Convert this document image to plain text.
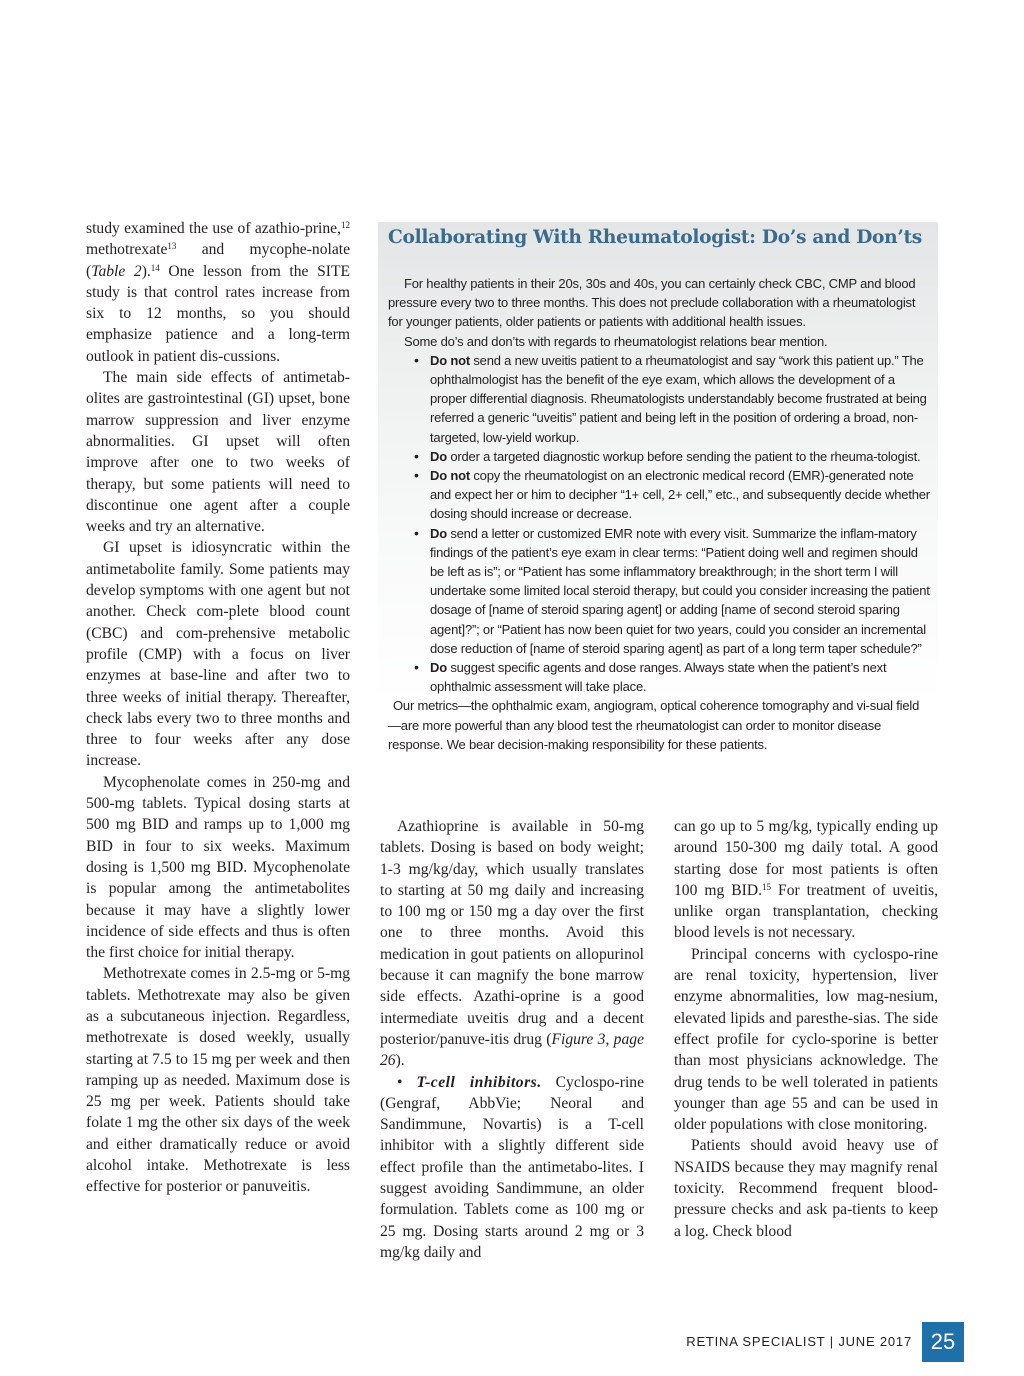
study examined the use of azathio-prine,$^{12}$ methotrexate$^{13}$ and mycophe-nolate (Table 2).$^{14}$ One lesson from the SITE study is that control rates increase from six to 12 months, so you should emphasize patience and a long-term outlook in patient dis-cussions.

The main side effects of antimetab-olites are gastrointestinal (GI) upset, bone marrow suppression and liver enzyme abnormalities. GI upset will often improve after one to two weeks of therapy, but some patients will need to discontinue one agent after a couple weeks and try an alternative.

GI upset is idiosyncratic within the antimetabolite family. Some patients may develop symptoms with one agent but not another. Check com-plete blood count (CBC) and com-prehensive metabolic profile (CMP) with a focus on liver enzymes at base-line and after two to three weeks of initial therapy. Thereafter, check labs every two to three months and three to four weeks after any dose increase.

Mycophenolate comes in 250-mg and 500-mg tablets. Typical dosing starts at 500 mg BID and ramps up to 1,000 mg BID in four to six weeks. Maximum dosing is 1,500 mg BID. Mycophenolate is popular among the antimetabolites because it may have a slightly lower incidence of side effects and thus is often the first choice for initial therapy.

Methotrexate comes in 2.5-mg or 5-mg tablets. Methotrexate may also be given as a subcutaneous injection. Regardless, methotrexate is dosed weekly, usually starting at 7.5 to 15 mg per week and then ramping up as needed. Maximum dose is 25 mg per week. Patients should take folate 1 mg the other six days of the week and either dramatically reduce or avoid alcohol intake. Methotrexate is less effective for posterior or panuveitis.

Collaborating With Rheumatologist: Do’s and Don’ts

For healthy patients in their 20s, 30s and 40s, you can certainly check CBC, CMP and blood pressure every two to three months. This does not preclude collaboration with a rheumatologist for younger patients, older patients or patients with additional health issues.

Some do’s and don’ts with regards to rheumatologist relations bear mention.

• Do not send a new uveitis patient to a rheumatologist and say “work this patient up.” The ophthalmologist has the benefit of the eye exam, which allows the development of a proper differential diagnosis. Rheumatologists understandably become frustrated at being referred a generic “uveitis” patient and being left in the position of ordering a broad, non-targeted, low-yield workup.
• Do order a targeted diagnostic workup before sending the patient to the rheuma-tologist.
• Do not copy the rheumatologist on an electronic medical record (EMR)-generated note and expect her or him to decipher “1+ cell, 2+ cell,” etc., and subsequently decide whether dosing should increase or decrease.
• Do send a letter or customized EMR note with every visit. Summarize the inflam-matory findings of the patient’s eye exam in clear terms: “Patient doing well and regimen should be left as is”; or “Patient has some inflammatory breakthrough; in the short term I will undertake some limited local steroid therapy, but could you consider increasing the patient dosage of [name of steroid sparing agent] or adding [name of second steroid sparing agent]?”; or “Patient has now been quiet for two years, could you consider an incremental dose reduction of [name of steroid sparing agent] as part of a long term taper schedule?”
• Do suggest specific agents and dose ranges. Always state when the patient’s next ophthalmic assessment will take place.

Our metrics—the ophthalmic exam, angiogram, optical coherence tomography and vi-sual field—are more powerful than any blood test the rheumatologist can order to monitor disease response. We bear decision-making responsibility for these patients.

Azathioprine is available in 50-mg tablets. Dosing is based on body weight; 1-3 mg/kg/day, which usually translates to starting at 50 mg daily and increasing to 100 mg or 150 mg a day over the first one to three months. Avoid this medication in gout patients on allopurinol because it can magnify the bone marrow side effects. Azathi-oprine is a good intermediate uveitis drug and a decent posterior/panuve-itis drug (Figure 3, page 26).

• T-cell inhibitors. Cyclospo-rine (Gengraf, AbbVie; Neoral and Sandimmune, Novartis) is a T-cell inhibitor with a slightly different side effect profile than the antimetabo-lites. I suggest avoiding Sandimmune, an older formulation. Tablets come as 100 mg or 25 mg. Dosing starts around 2 mg or 3 mg/kg daily and

can go up to 5 mg/kg, typically ending up around 150-300 mg daily total. A good starting dose for most patients is often 100 mg BID.$^{15}$ For treatment of uveitis, unlike organ transplantation, checking blood levels is not necessary.

Principal concerns with cyclospo-rine are renal toxicity, hypertension, liver enzyme abnormalities, low mag-nesium, elevated lipids and paresthe-sias. The side effect profile for cyclo-sporine is better than most physicians acknowledge. The drug tends to be well tolerated in patients younger than age 55 and can be used in older populations with close monitoring.

Patients should avoid heavy use of NSAIDS because they may magnify renal toxicity. Recommend frequent blood-pressure checks and ask pa-tients to keep a log. Check blood

RETINA SPECIALIST | JUNE 2017 25
